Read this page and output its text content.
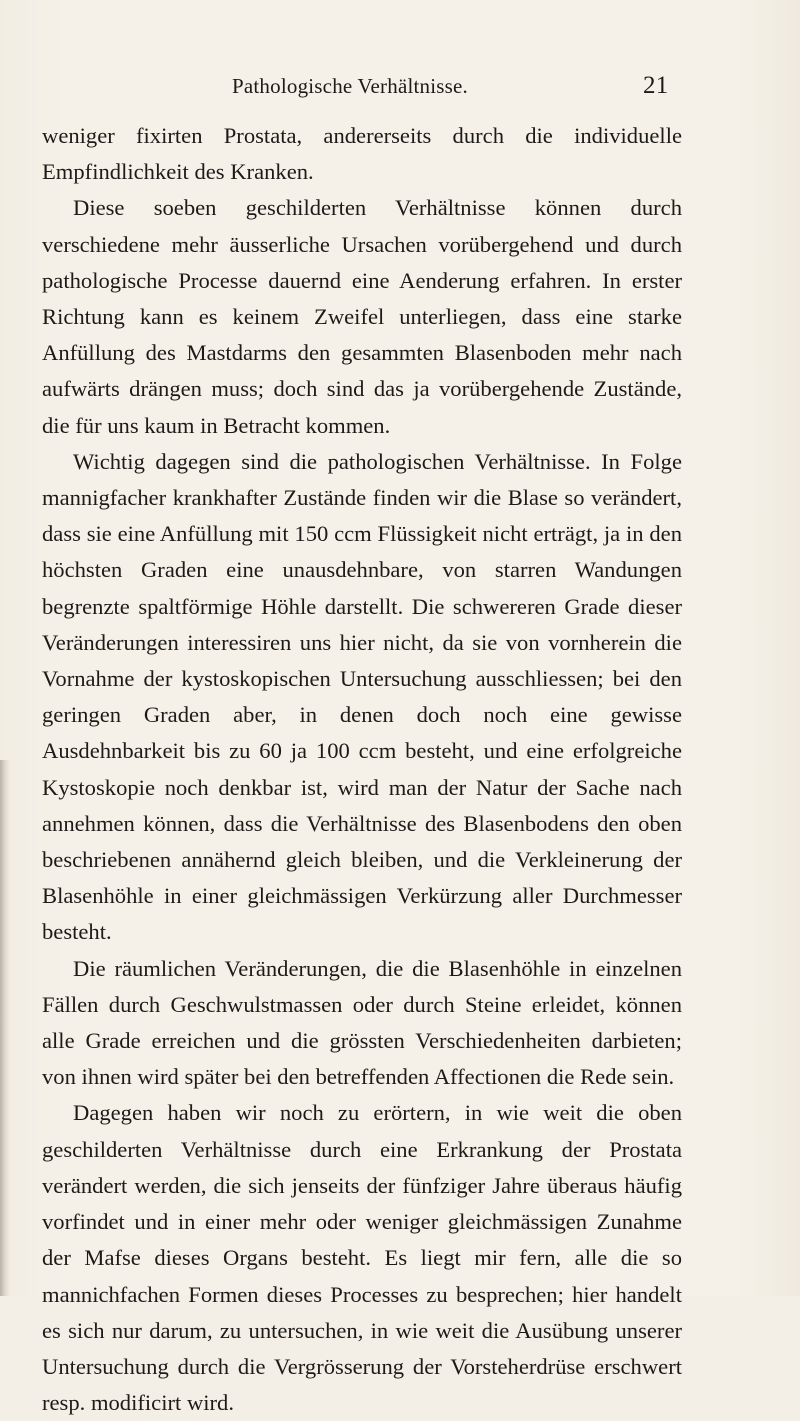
Pathologische Verhältnisse.	21

weniger fixirten Prostata, andererseits durch die individuelle Empfindlichkeit des Kranken.

Diese soeben geschilderten Verhältnisse können durch verschiedene mehr äusserliche Ursachen vorübergehend und durch pathologische Processe dauernd eine Aenderung erfahren. In erster Richtung kann es keinem Zweifel unterliegen, dass eine starke Anfüllung des Mastdarms den gesammten Blasenboden mehr nach aufwärts drängen muss; doch sind das ja vorübergehende Zustände, die für uns kaum in Betracht kommen.

Wichtig dagegen sind die pathologischen Verhältnisse. In Folge mannigfacher krankhafter Zustände finden wir die Blase so verändert, dass sie eine Anfüllung mit 150 ccm Flüssigkeit nicht erträgt, ja in den höchsten Graden eine unausdehnbare, von starren Wandungen begrenzte spaltförmige Höhle darstellt. Die schwereren Grade dieser Veränderungen interessiren uns hier nicht, da sie von vornherein die Vornahme der kystoskopischen Untersuchung ausschliessen; bei den geringen Graden aber, in denen doch noch eine gewisse Ausdehnbarkeit bis zu 60 ja 100 ccm besteht, und eine erfolgreiche Kystoskopie noch denkbar ist, wird man der Natur der Sache nach annehmen können, dass die Verhältnisse des Blasenbodens den oben beschriebenen annähernd gleich bleiben, und die Verkleinerung der Blasenhöhle in einer gleichmässigen Verkürzung aller Durchmesser besteht.

Die räumlichen Veränderungen, die die Blasenhöhle in einzelnen Fällen durch Geschwulstmassen oder durch Steine erleidet, können alle Grade erreichen und die grössten Verschiedenheiten darbieten; von ihnen wird später bei den betreffenden Affectionen die Rede sein.

Dagegen haben wir noch zu erörtern, in wie weit die oben geschilderten Verhältnisse durch eine Erkrankung der Prostata verändert werden, die sich jenseits der fünfziger Jahre überaus häufig vorfindet und in einer mehr oder weniger gleichmässigen Zunahme der Mafse dieses Organs besteht. Es liegt mir fern, alle die so mannichfachen Formen dieses Processes zu besprechen; hier handelt es sich nur darum, zu untersuchen, in wie weit die Ausübung unserer Untersuchung durch die Vergrösserung der Vorsteherdrüse erschwert resp. modificirt wird.
